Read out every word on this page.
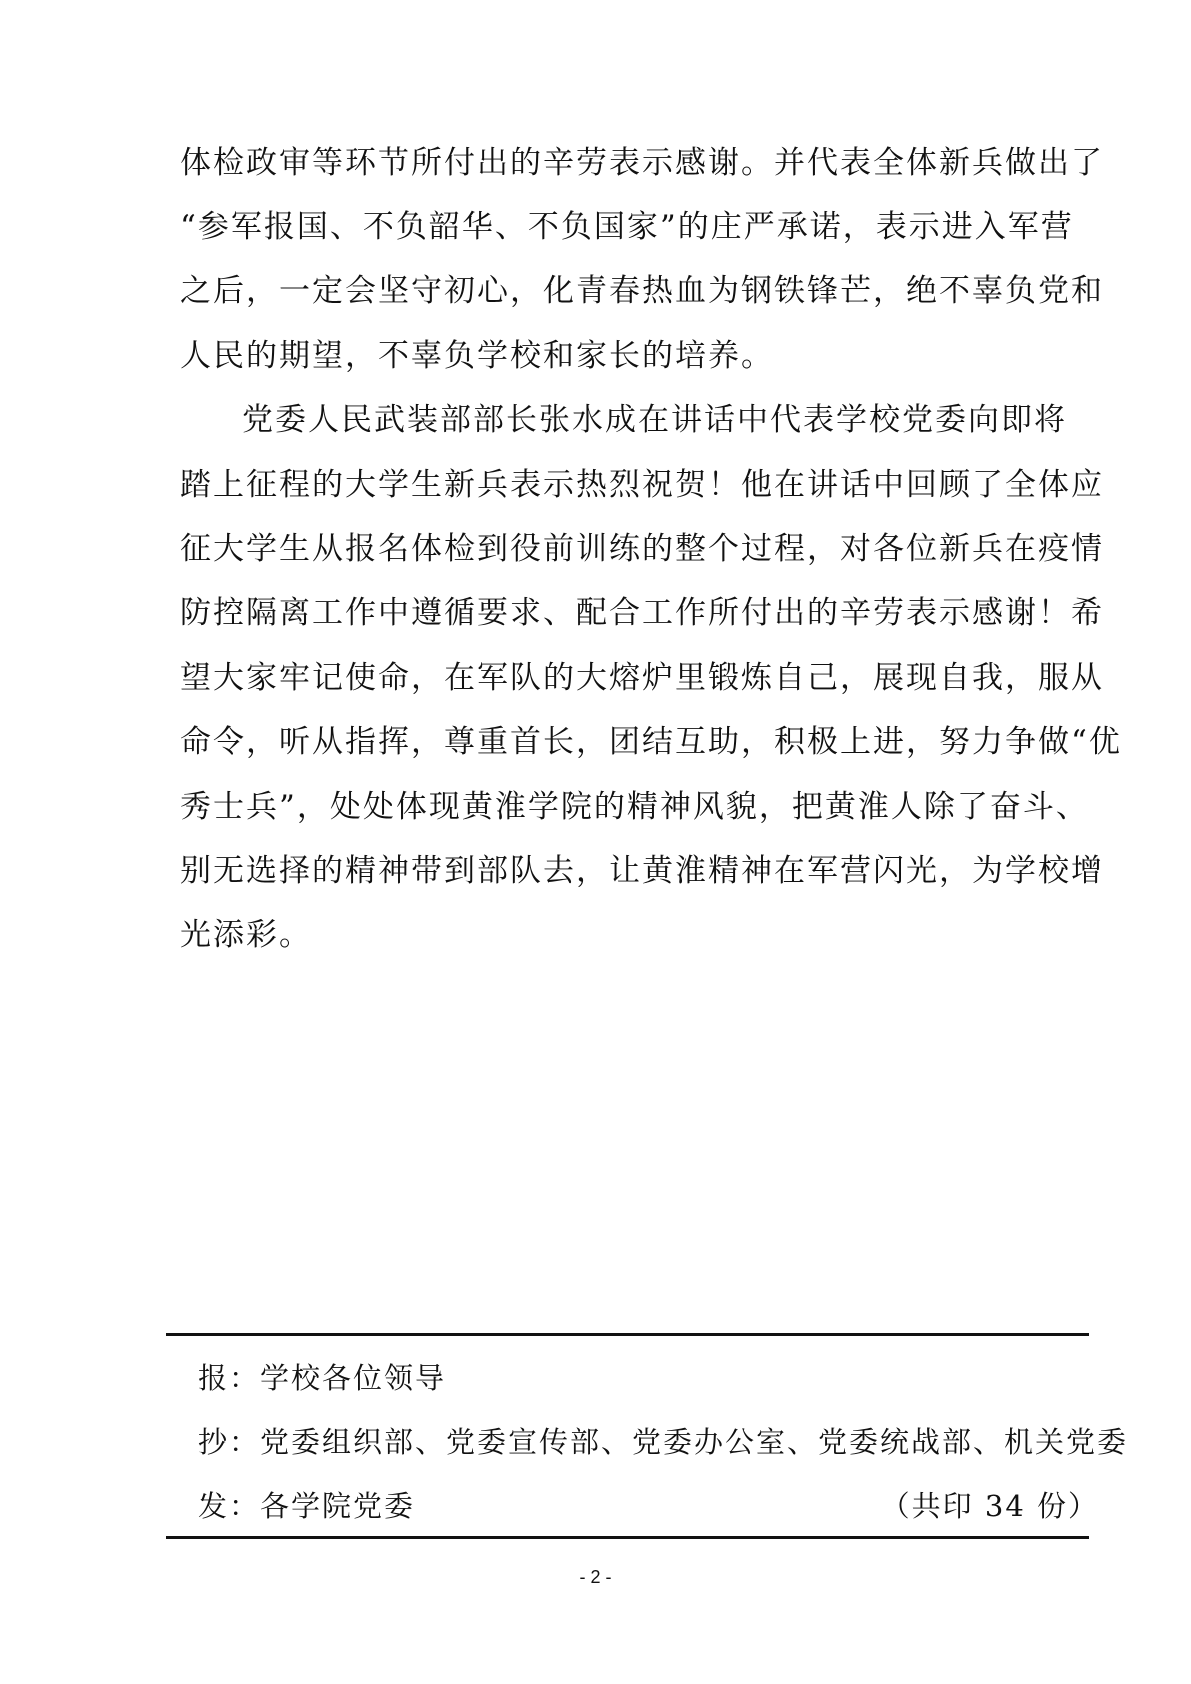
体检政审等环节所付出的辛劳表示感谢。并代表全体新兵做出了

“参军报国、不负韶华、不负国家”的庄严承诺，表示进入军营

之后，一定会坚守初心，化青春热血为钢铁锋芒，绝不辜负党和

人民的期望，不辜负学校和家长的培养。

党委人民武装部部长张水成在讲话中代表学校党委向即将

踏上征程的大学生新兵表示热烈祝贺！他在讲话中回顾了全体应

征大学生从报名体检到役前训练的整个过程，对各位新兵在疫情

防控隔离工作中遵循要求、配合工作所付出的辛劳表示感谢！希

望大家牢记使命，在军队的大熔炉里锻炼自己，展现自我，服从

命令，听从指挥，尊重首长，团结互助，积极上进，努力争做“优

秀士兵”，处处体现黄淮学院的精神风貌，把黄淮人除了奋斗、

别无选择的精神带到部队去，让黄淮精神在军营闪光，为学校增

光添彩。

报：学校各位领导

抄：党委组织部、党委宣传部、党委办公室、党委统战部、机关党委

发：各学院党委	（共印 34 份）
- 2 -
